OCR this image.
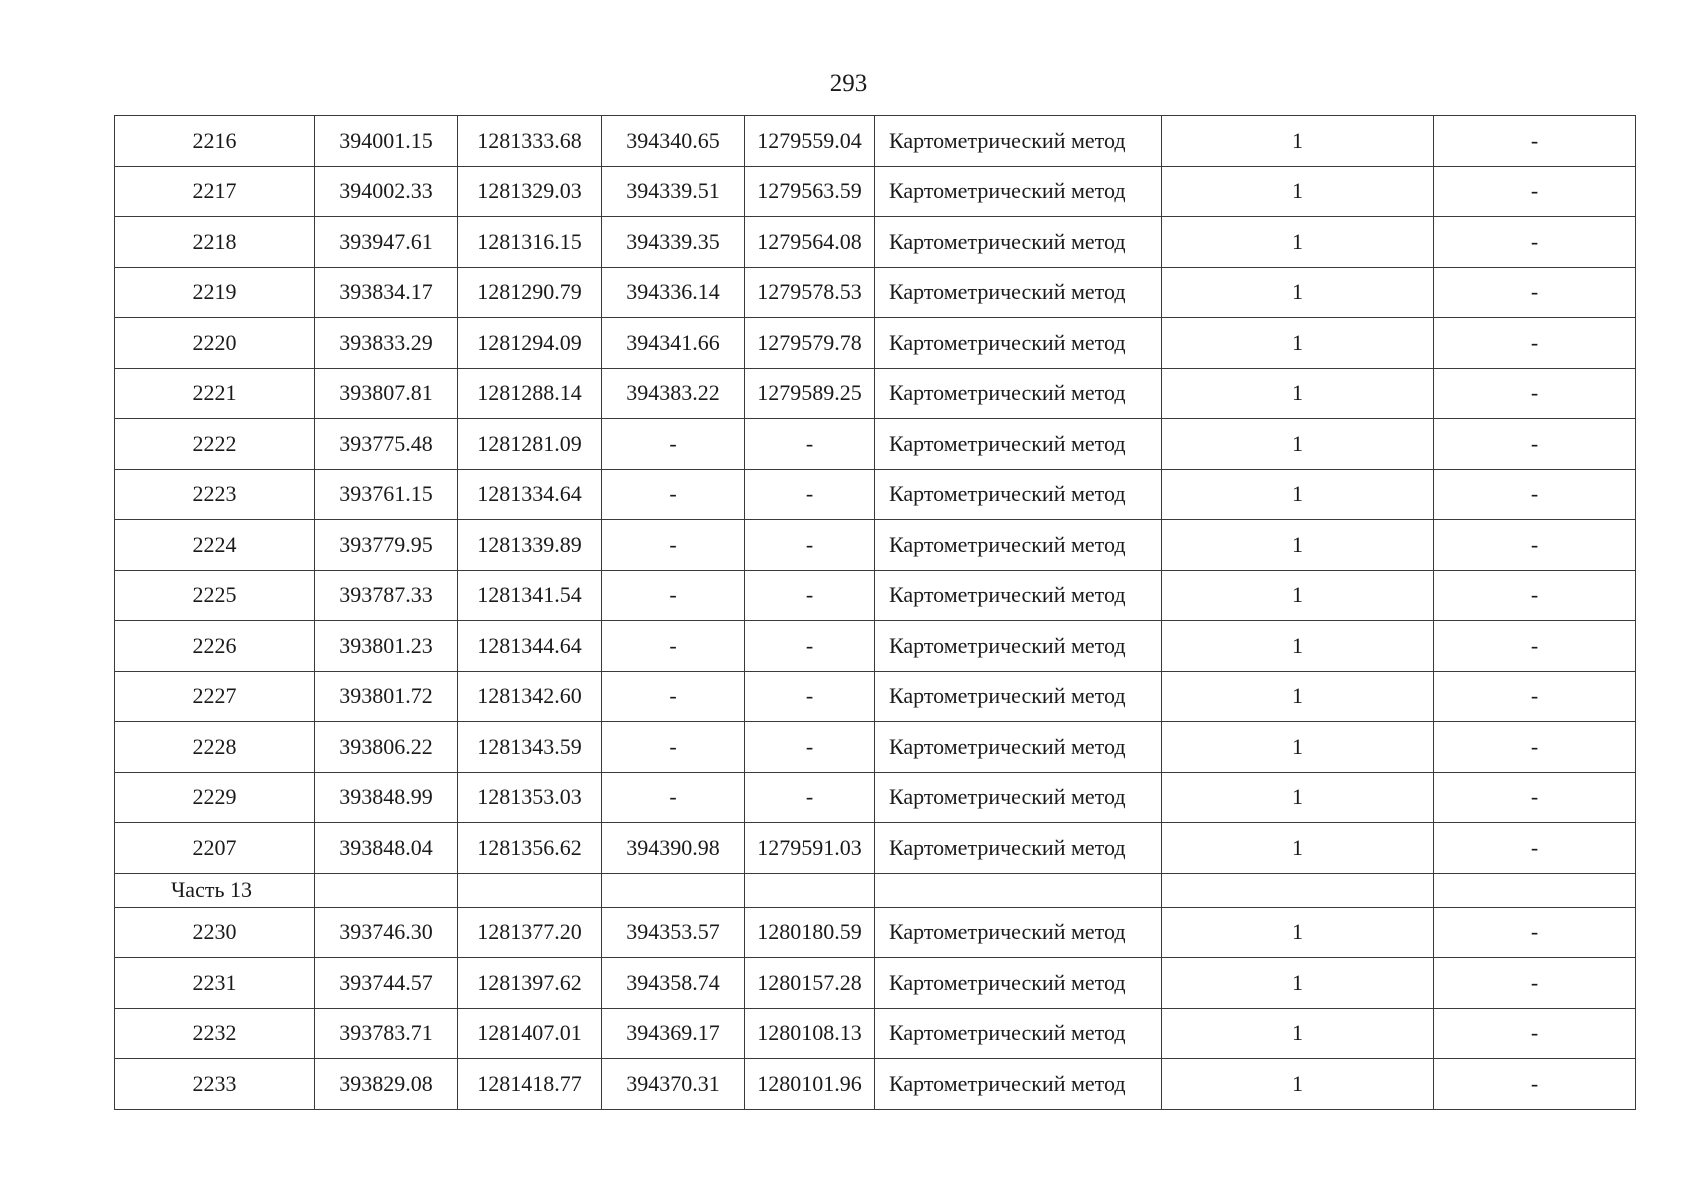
293
2216	394001.15	1281333.68	394340.65	1279559.04	Картометрический метод	1	-
2217	394002.33	1281329.03	394339.51	1279563.59	Картометрический метод	1	-
2218	393947.61	1281316.15	394339.35	1279564.08	Картометрический метод	1	-
2219	393834.17	1281290.79	394336.14	1279578.53	Картометрический метод	1	-
2220	393833.29	1281294.09	394341.66	1279579.78	Картометрический метод	1	-
2221	393807.81	1281288.14	394383.22	1279589.25	Картометрический метод	1	-
2222	393775.48	1281281.09	-	-	Картометрический метод	1	-
2223	393761.15	1281334.64	-	-	Картометрический метод	1	-
2224	393779.95	1281339.89	-	-	Картометрический метод	1	-
2225	393787.33	1281341.54	-	-	Картометрический метод	1	-
2226	393801.23	1281344.64	-	-	Картометрический метод	1	-
2227	393801.72	1281342.60	-	-	Картометрический метод	1	-
2228	393806.22	1281343.59	-	-	Картометрический метод	1	-
2229	393848.99	1281353.03	-	-	Картометрический метод	1	-
2207	393848.04	1281356.62	394390.98	1279591.03	Картометрический метод	1	-
Часть 13							
2230	393746.30	1281377.20	394353.57	1280180.59	Картометрический метод	1	-
2231	393744.57	1281397.62	394358.74	1280157.28	Картометрический метод	1	-
2232	393783.71	1281407.01	394369.17	1280108.13	Картометрический метод	1	-
2233	393829.08	1281418.77	394370.31	1280101.96	Картометрический метод	1	-
